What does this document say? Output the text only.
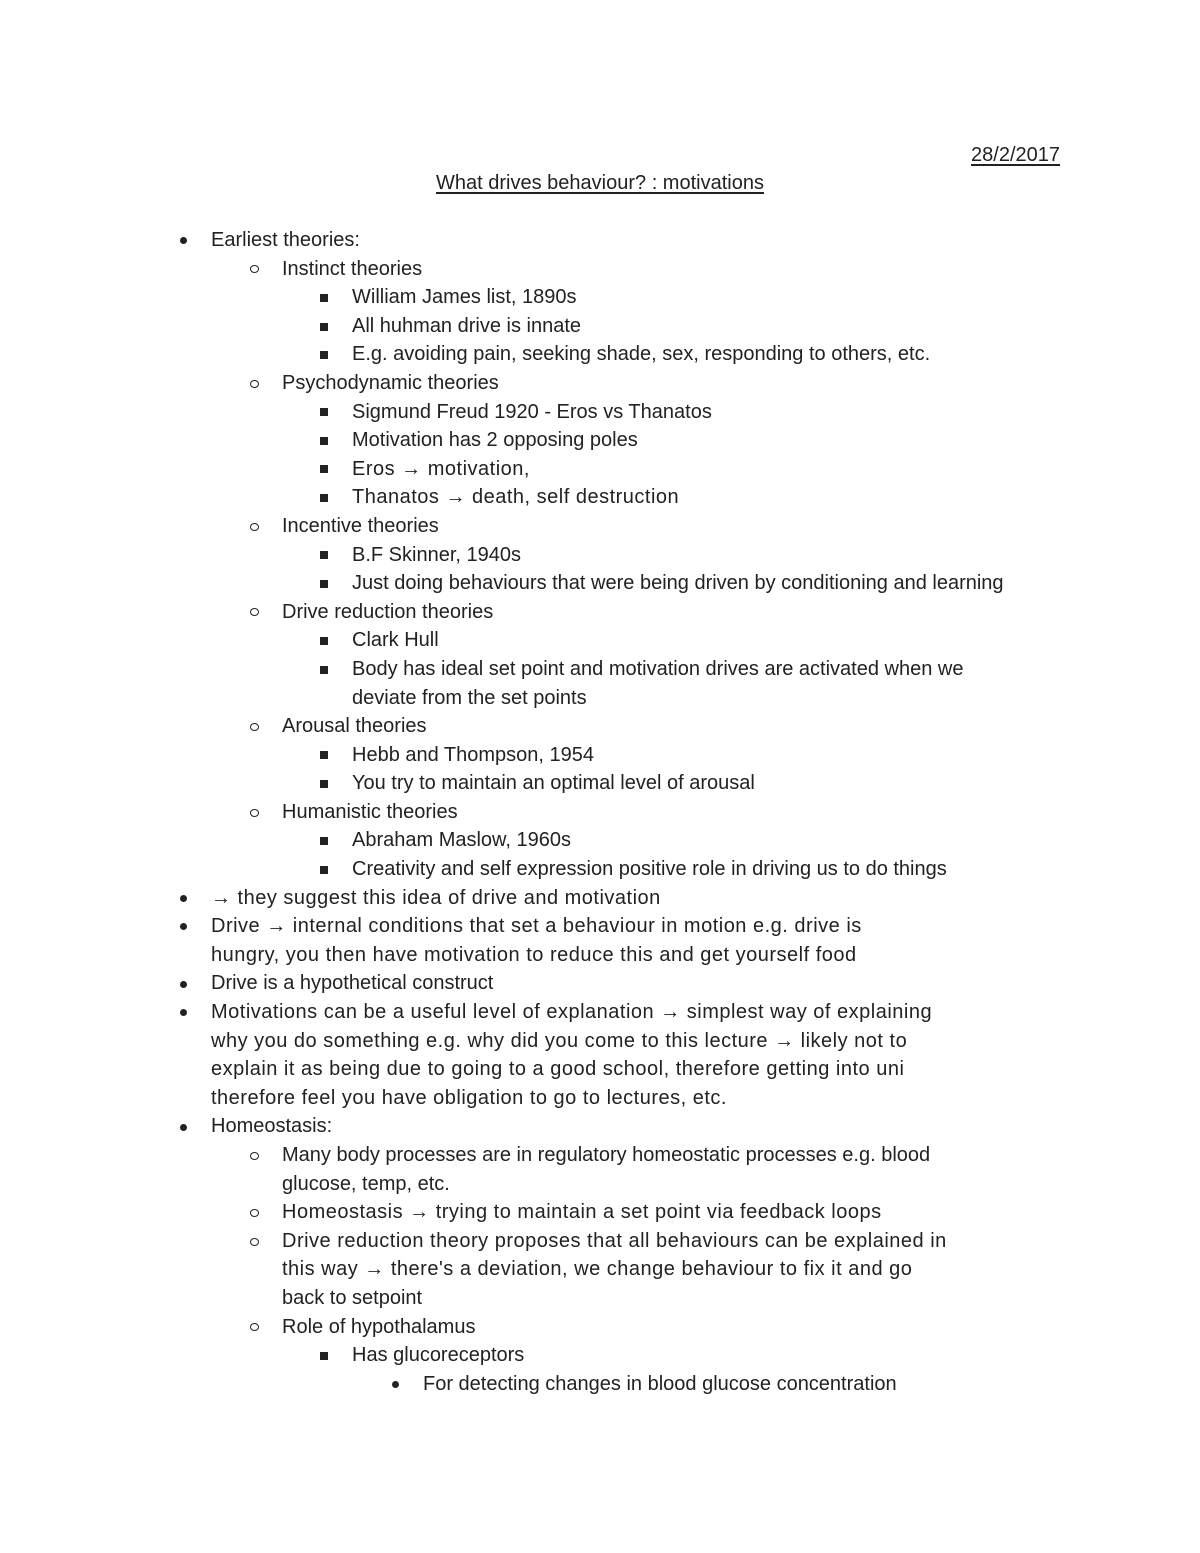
28/2/2017
What drives behaviour? : motivations
Earliest theories:

Instinct theories

William James list, 1890s

All huhman drive is innate

E.g. avoiding pain, seeking shade, sex, responding to others, etc.

Psychodynamic theories

Sigmund Freud 1920 - Eros vs Thanatos

Motivation has 2 opposing poles

Eros → motivation,

Thanatos → death, self destruction

Incentive theories

B.F Skinner, 1940s

Just doing behaviours that were being driven by conditioning and learning

Drive reduction theories

Clark Hull

Body has ideal set point and motivation drives are activated when we

deviate from the set points

Arousal theories

Hebb and Thompson, 1954

You try to maintain an optimal level of arousal

Humanistic theories

Abraham Maslow, 1960s

Creativity and self expression positive role in driving us to do things

→ they suggest this idea of drive and motivation

Drive → internal conditions that set a behaviour in motion e.g. drive is

hungry, you then have motivation to reduce this and get yourself food

Drive is a hypothetical construct

Motivations can be a useful level of explanation → simplest way of explaining

why you do something e.g. why did you come to this lecture → likely not to

explain it as being due to going to a good school, therefore getting into uni

therefore feel you have obligation to go to lectures, etc.

Homeostasis:

Many body processes are in regulatory homeostatic processes e.g. blood

glucose, temp, etc.

Homeostasis → trying to maintain a set point via feedback loops

Drive reduction theory proposes that all behaviours can be explained in

this way → there's a deviation, we change behaviour to fix it and go

back to setpoint

Role of hypothalamus

Has glucoreceptors

For detecting changes in blood glucose concentration
